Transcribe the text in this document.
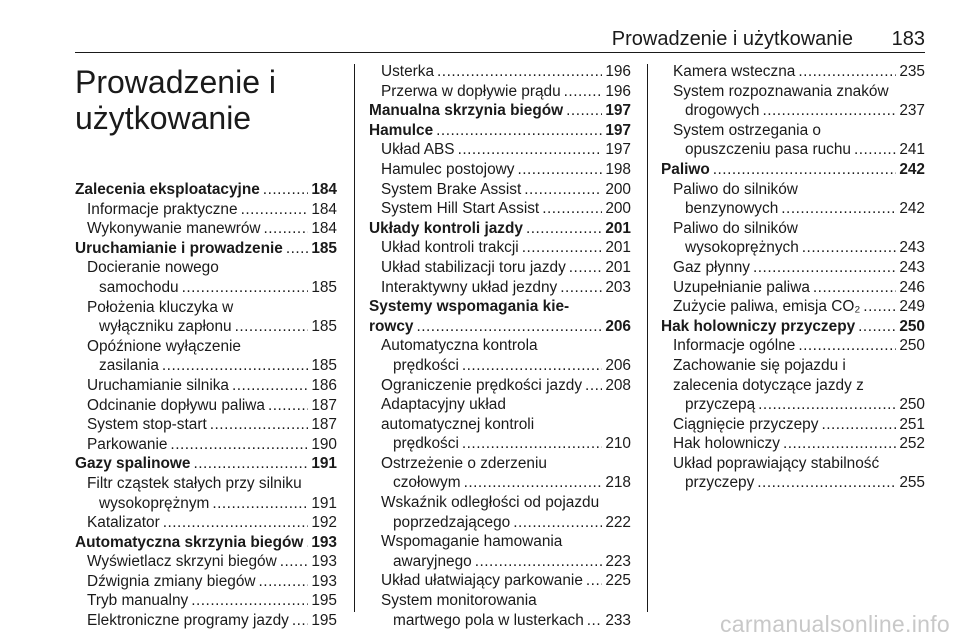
Prowadzenie i użytkowanie 183
Prowadzenie i
użytkowanie
Zalecenia eksploatacyjne .....	184
Informacje praktyczne .....	184
Wykonywanie manewrów .....	184
Uruchamianie i prowadzenie ..... 185
Docieranie nowego
samochodu .....	185
Położenia kluczyka w
wyłączniku zapłonu .....	185
Opóźnione wyłączenie
zasilania .....	185
Uruchamianie silnika .....	186
Odcinanie dopływu paliwa .....	187
System stop-start .....	187
Parkowanie .....	190
Gazy spalinowe .....	191
Filtr cząstek stałych przy silniku
wysokoprężnym .....	191
Katalizator .....	192
Automatyczna skrzynia biegów ..... 193
Wyświetlacz skrzyni biegów ..... 193
Dźwignia zmiany biegów .....	193
Tryb manualny .....	195
Elektroniczne programy jazdy ..... 195
Usterka .....	196
Przerwa w dopływie prądu .....	196
Manualna skrzynia biegów .....	197
Hamulce .....	197
Układ ABS .....	197
Hamulec postojowy .....	198
System Brake Assist .....	200
System Hill Start Assist .....	200
Układy kontroli jazdy .....	201
Układ kontroli trakcji .....	201
Układ stabilizacji toru jazdy .....	201
Interaktywny układ jezdny .....	203
Systemy wspomagania kie-
rowcy .....	206
Automatyczna kontrola
prędkości .....	206
Ograniczenie prędkości jazdy ..... 208
Adaptacyjny układ
automatycznej kontroli
prędkości .....	210
Ostrzeżenie o zderzeniu
czołowym .....	218
Wskaźnik odległości od pojazdu
poprzedzającego .....	222
Wspomaganie hamowania
awaryjnego .....	223
Układ ułatwiający parkowanie ..... 225
System monitorowania
martwego pola w lusterkach ..... 233
Kamera wsteczna .....	235
System rozpoznawania znaków
drogowych .....	237
System ostrzegania o
opuszczeniu pasa ruchu .....	241
Paliwo .....	242
Paliwo do silników
benzynowych .....	242
Paliwo do silników
wysokoprężnych .....	243
Gaz płynny .....	243
Uzupełnianie paliwa .....	246
Zużycie paliwa, emisja CO₂ .....	249
Hak holowniczy przyczepy .....	250
Informacje ogólne .....	250
Zachowanie się pojazdu i
zalecenia dotyczące jazdy z
przyczepą .....	250
Ciągnięcie przyczepy .....	251
Hak holowniczy .....	252
Układ poprawiający stabilność
przyczepy .....	255
carmanualsonline.info
